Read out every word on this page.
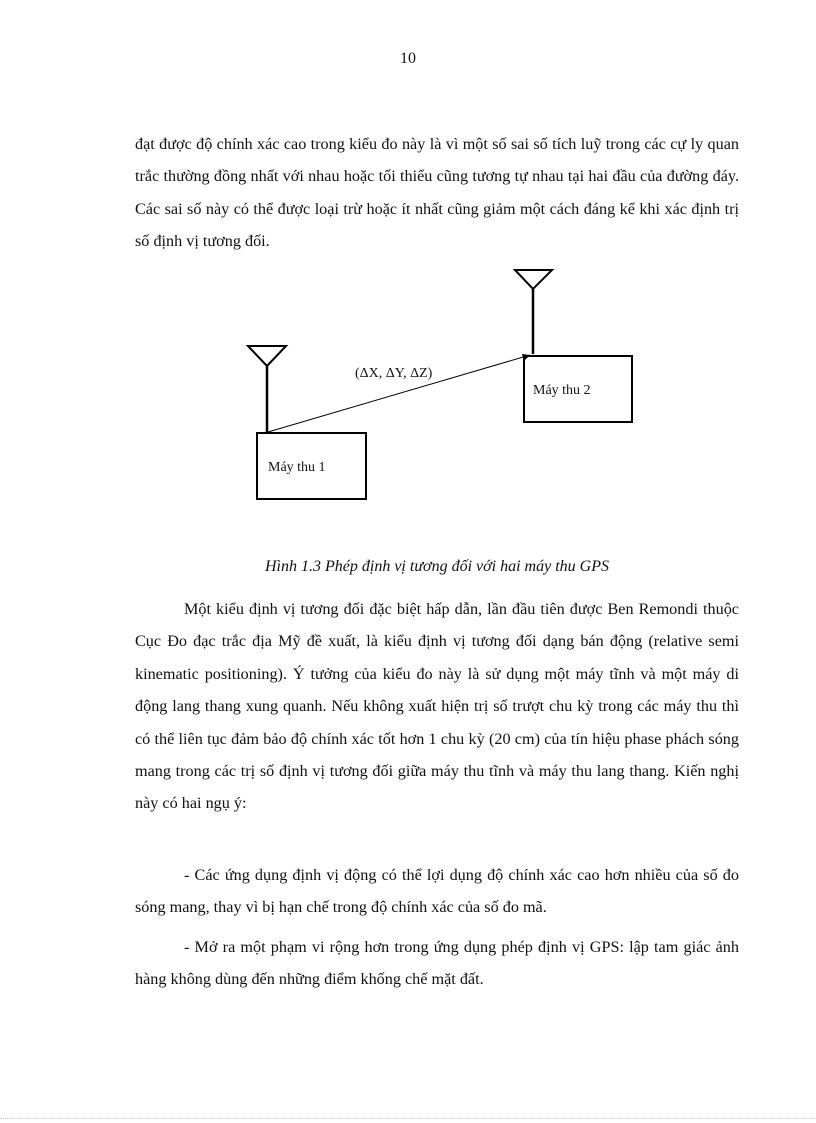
10

đạt được độ chính xác cao trong kiểu đo này là vì một số sai số tích luỹ trong các cự ly quan trắc thường đồng nhất với nhau hoặc tối thiểu cũng tương tự nhau tại hai đầu của đường đáy. Các sai số này có thể được loại trừ hoặc ít nhất cũng giảm một cách đáng kể khi xác định trị số định vị tương đối.

(ΔX, ΔY, ΔZ)
Máy thu 1
Máy thu 2
Hình 1.3 Phép định vị tương đối với hai máy thu GPS

Một kiểu định vị tương đối đặc biệt hấp dẫn, lần đầu tiên được Ben Remondi thuộc Cục Đo đạc trắc địa Mỹ đề xuất, là kiểu định vị tương đối dạng bán động (relative semi kinematic positioning). Ý tưởng của kiểu đo này là sử dụng một máy tĩnh và một máy di động lang thang xung quanh. Nếu không xuất hiện trị số trượt chu kỳ trong các máy thu thì có thể liên tục đảm bảo độ chính xác tốt hơn 1 chu kỳ (20 cm) của tín hiệu phase phách sóng mang trong các trị số định vị tương đối giữa máy thu tĩnh và máy thu lang thang. Kiến nghị này có hai ngụ ý:

- Các ứng dụng định vị động có thể lợi dụng độ chính xác cao hơn nhiều của số đo sóng mang, thay vì bị hạn chế trong độ chính xác của số đo mã.

- Mở ra một phạm vi rộng hơn trong ứng dụng phép định vị GPS: lập tam giác ảnh hàng không dùng đến những điểm khống chế mặt đất.
